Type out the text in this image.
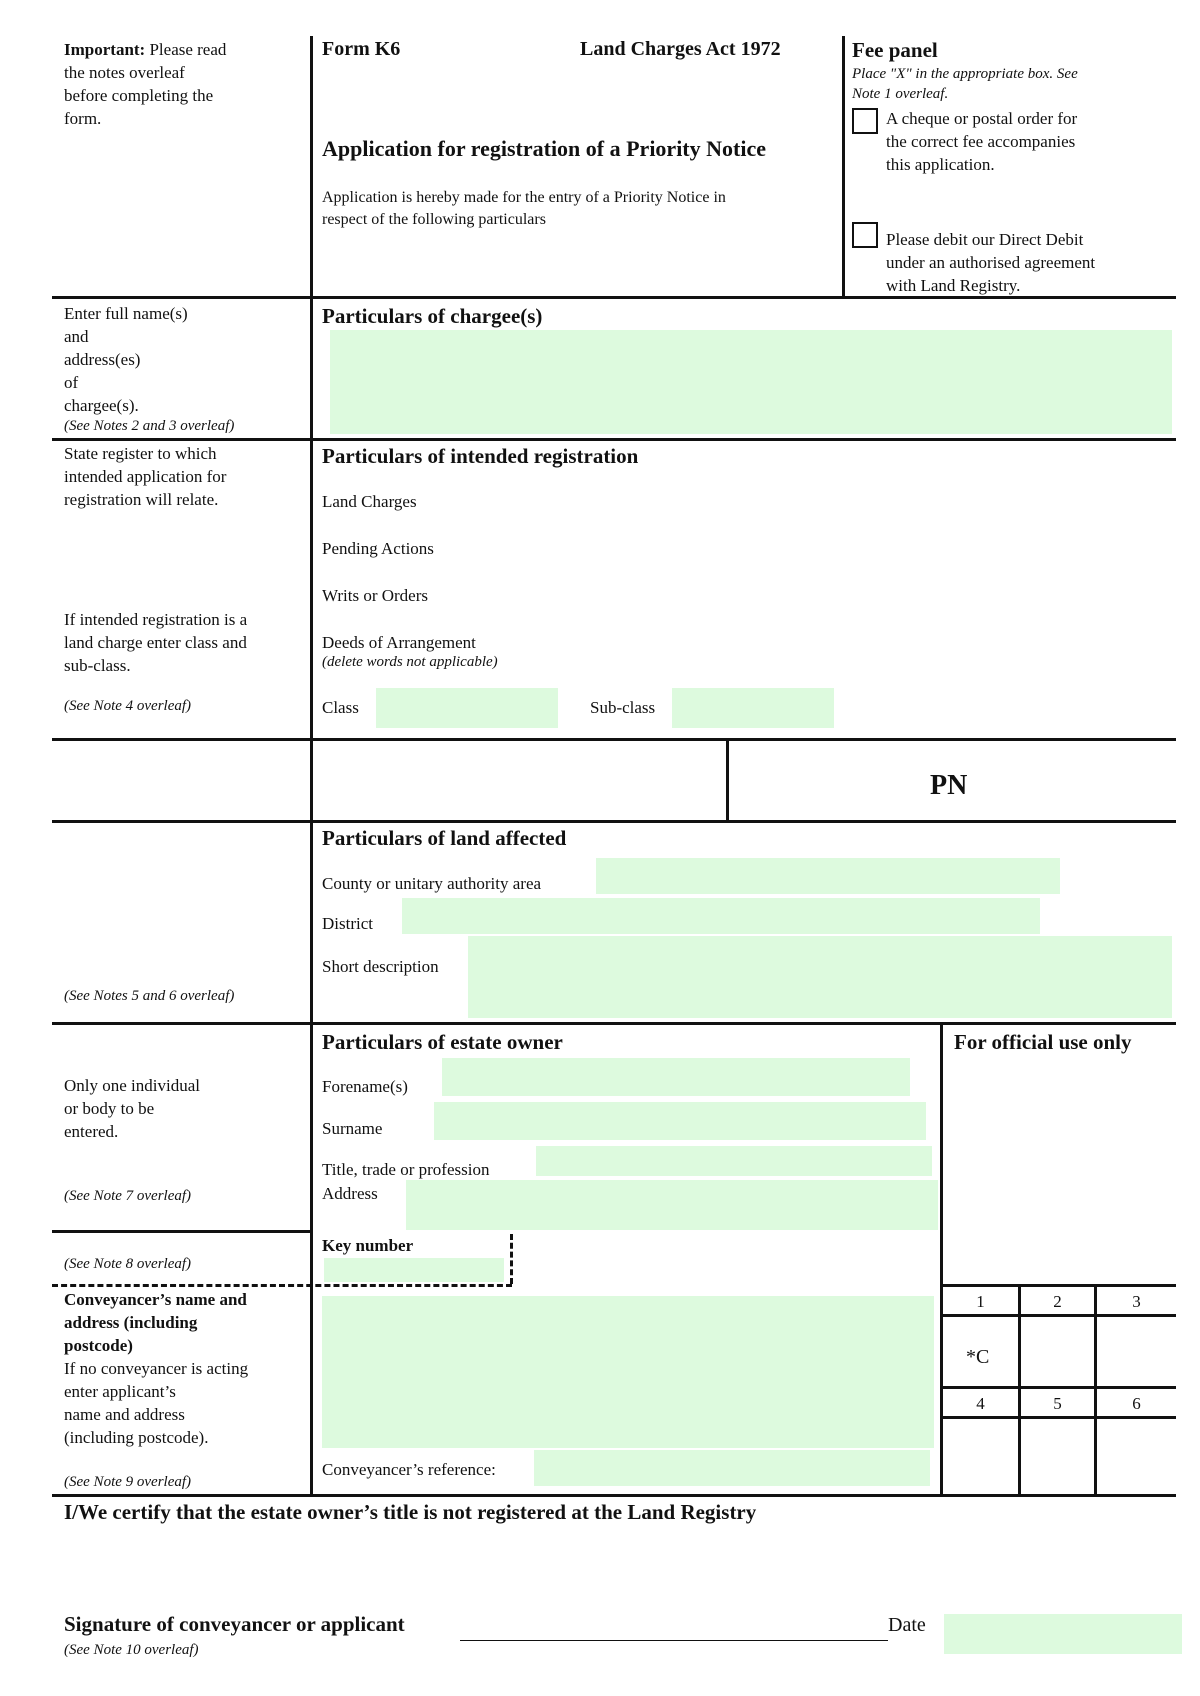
Important: Please read
the notes overleaf
before completing the
form.
Form K6	Land Charges Act 1972
Application for registration of a Priority Notice
Application is hereby made for the entry of a Priority Notice in
respect of the following particulars
Fee panel
Place "X" in the appropriate box. See
Note 1 overleaf.
A cheque or postal order for
the correct fee accompanies
this application.
Please debit our Direct Debit
under an authorised agreement
with Land Registry.
Enter full name(s)
and
address(es)
of
chargee(s).
(See Notes 2 and 3 overleaf)
Particulars of chargee(s)
State register to which
intended application for
registration will relate.
If intended registration is a
land charge enter class and
sub-class.
(See Note 4 overleaf)
Particulars of intended registration
Land Charges
Pending Actions
Writs or Orders
Deeds of Arrangement
(delete words not applicable)
Class	Sub-class
PN
(See Notes 5 and 6 overleaf)
Particulars of land affected
County or unitary authority area
District
Short description
Only one individual
or body to be
entered.
(See Note 7 overleaf)
Particulars of estate owner
Forename(s)
Surname
Title, trade or profession
Address
For official use only
1	2	3
*C
4	5	6
(See Note 8 overleaf)
Key number
Conveyancer’s name and
address (including
postcode)
If no conveyancer is acting
enter applicant’s
name and address
(including postcode).
(See Note 9 overleaf)
Conveyancer’s reference:
I/We certify that the estate owner’s title is not registered at the Land Registry
Signature of conveyancer or applicant	Date
(See Note 10 overleaf)
